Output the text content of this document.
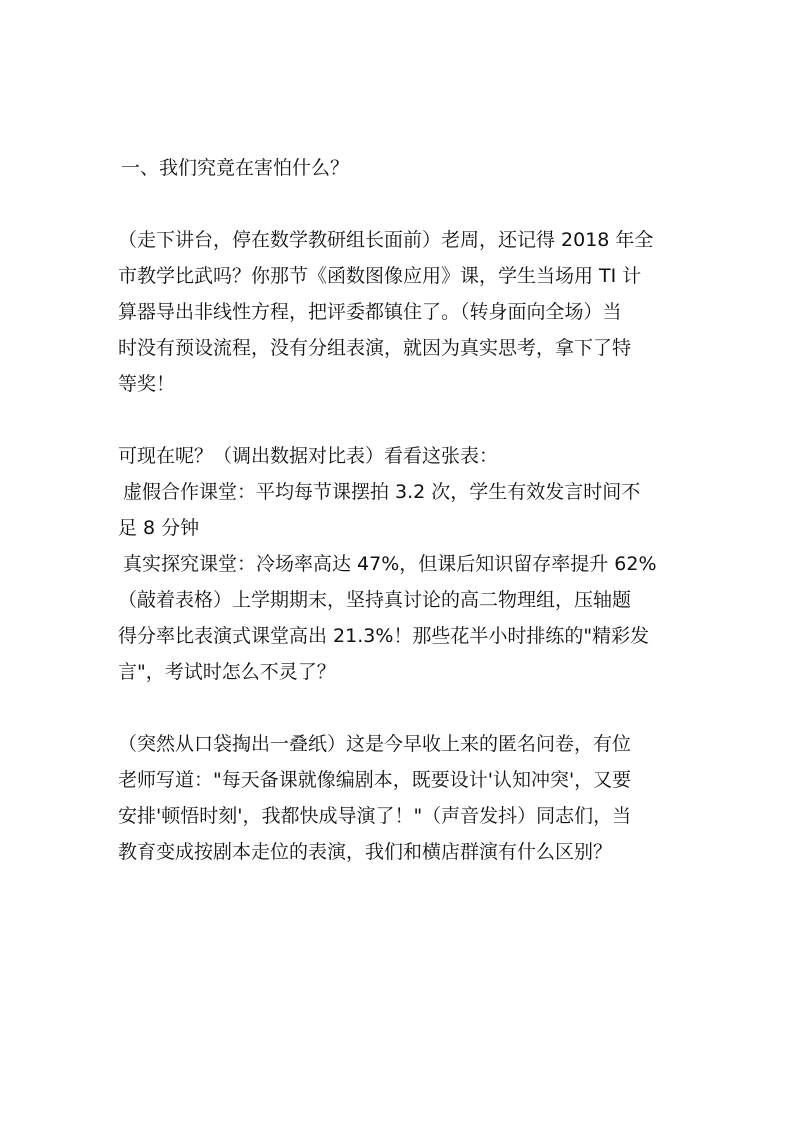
一、我们究竟在害怕什么？

（走下讲台，停在数学教研组长面前）老周，还记得 2018 年全
市教学比武吗？你那节《函数图像应用》课，学生当场用 TI 计
算器导出非线性方程，把评委都镇住了。（转身面向全场）当
时没有预设流程，没有分组表演，就因为真实思考，拿下了特
等奖！

可现在呢？（调出数据对比表）看看这张表：
虚假合作课堂：平均每节课摆拍 3.2 次，学生有效发言时间不
足 8 分钟
真实探究课堂：冷场率高达 47%，但课后知识留存率提升 62%
（敲着表格）上学期期末，坚持真讨论的高二物理组，压轴题
得分率比表演式课堂高出 21.3%！那些花半小时排练的"精彩发
言"，考试时怎么不灵了？

（突然从口袋掏出一叠纸）这是今早收上来的匿名问卷，有位
老师写道："每天备课就像编剧本，既要设计'认知冲突'，又要
安排'顿悟时刻'，我都快成导演了！"（声音发抖）同志们，当
教育变成按剧本走位的表演，我们和横店群演有什么区别？
